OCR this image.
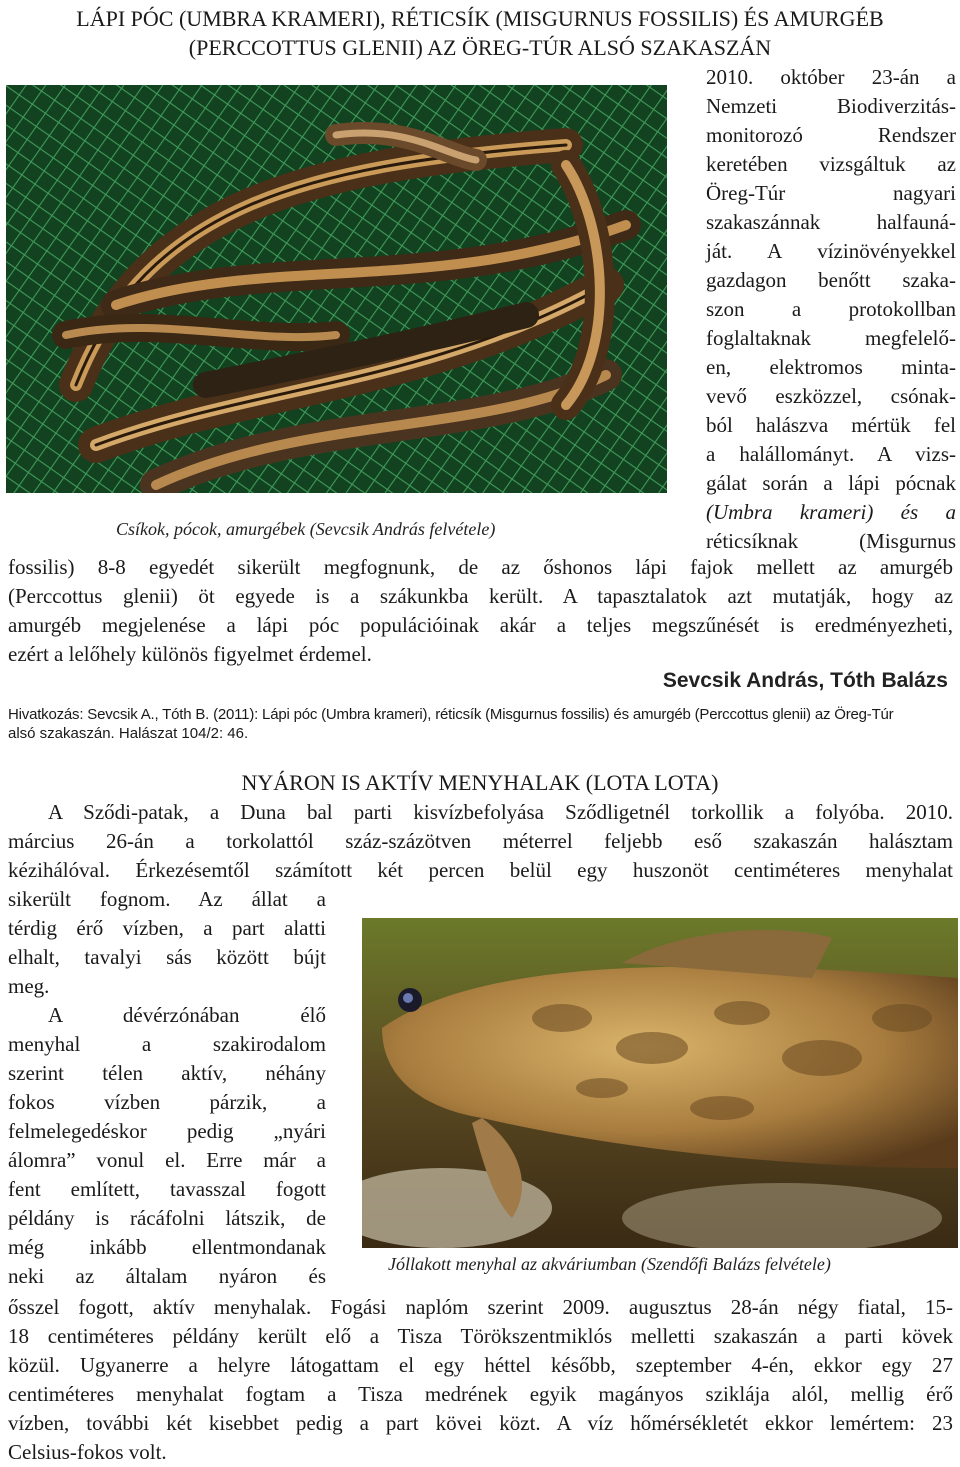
LÁPI PÓC (UMBRA KRAMERI), RÉTICSÍK (MISGURNUS FOSSILIS) ÉS AMURGÉB
(PERCCOTTUS GLENII) AZ ÖREG-TÚR ALSÓ SZAKASZÁN
Csíkok, pócok, amurgébek (Sevcsik András felvétele)
2010. október 23-án a
Nemzeti Biodiverzitás-
monitorozó Rendszer
keretében vizsgáltuk az
Öreg-Túr nagyari
szakaszánnak halfauná-
ját. A vízinövényekkel
gazdagon benőtt szaka-
szon a protokollban
foglaltaknak megfelelő-
en, elektromos minta-
vevő eszközzel, csónak-
ból halászva mértük fel
a halállományt. A vizs-
gálat során a lápi pócnak
(Umbra krameri) és a
réticsíknak (Misgurnus
fossilis) 8-8 egyedét sikerült megfognunk, de az őshonos lápi fajok mellett az amurgéb
(Perccottus glenii) öt egyede is a szákunkba került. A tapasztalatok azt mutatják, hogy az
amurgéb megjelenése a lápi póc populációinak akár a teljes megszűnését is eredményezheti,
ezért a lelőhely különös figyelmet érdemel.
Sevcsik András, Tóth Balázs
Hivatkozás: Sevcsik A., Tóth B. (2011): Lápi póc (Umbra krameri), réticsík (Misgurnus fossilis) és amurgéb (Perccottus glenii) az Öreg-Túr
alsó szakaszán. Halászat 104/2: 46.
NYÁRON IS AKTÍV MENYHALAK (LOTA LOTA)
A Sződi-patak, a Duna bal parti kisvízbefolyása Sződligetnél torkollik a folyóba. 2010.
március 26-án a torkolattól száz-százötven méterrel feljebb eső szakaszán halásztam
kézihálóval. Érkezésemtől számított két percen belül egy huszonöt centiméteres menyhalat
sikerült fognom. Az állat a
térdig érő vízben, a part alatti
elhalt, tavalyi sás között bújt
meg.
A dévérzónában élő
menyhal a szakirodalom
szerint télen aktív, néhány
fokos vízben párzik, a
felmelegedéskor pedig „nyári
álomra” vonul el. Erre már a
fent említett, tavasszal fogott
példány is rácáfolni látszik, de
még inkább ellentmondanak
neki az általam nyáron és	Jóllakott menyhal az akváriumban (Szendőfi Balázs felvétele)
ősszel fogott, aktív menyhalak. Fogási naplóm szerint 2009. augusztus 28-án négy fiatal, 15-
18 centiméteres példány került elő a Tisza Törökszentmiklós melletti szakaszán a parti kövek
közül. Ugyanerre a helyre látogattam el egy héttel később, szeptember 4-én, ekkor egy 27
centiméteres menyhalat fogtam a Tisza medrének egyik magányos sziklája alól, mellig érő
vízben, további két kisebbet pedig a part kövei közt. A víz hőmérsékletét ekkor lemértem: 23
Celsius-fokos volt.
